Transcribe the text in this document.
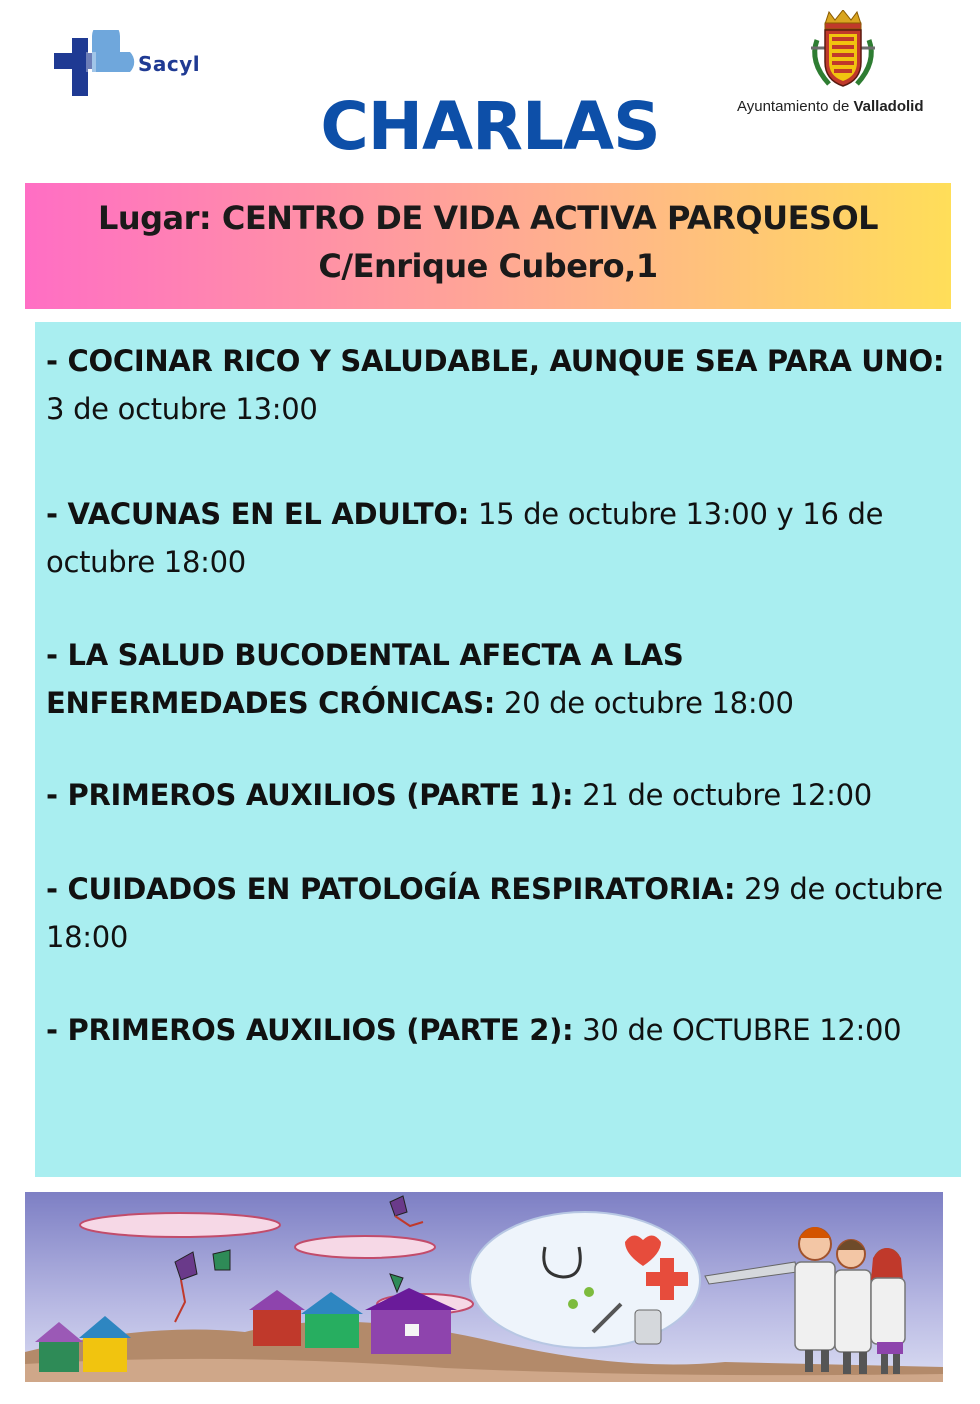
Sacyl
CHARLAS	Ayuntamiento de Valladolid
Lugar: CENTRO DE VIDA ACTIVA PARQUESOL
C/Enrique Cubero,1
- COCINAR RICO Y SALUDABLE, AUNQUE SEA PARA UNO: 3 de octubre 13:00
- VACUNAS EN EL ADULTO: 15 de octubre 13:00 y 16 de octubre 18:00
- LA SALUD BUCODENTAL AFECTA A LAS ENFERMEDADES CRÓNICAS: 20 de octubre 18:00
- PRIMEROS AUXILIOS (PARTE 1): 21 de octubre 12:00
- CUIDADOS EN PATOLOGÍA RESPIRATORIA: 29 de octubre 18:00
- PRIMEROS AUXILIOS (PARTE 2): 30 de OCTUBRE 12:00
